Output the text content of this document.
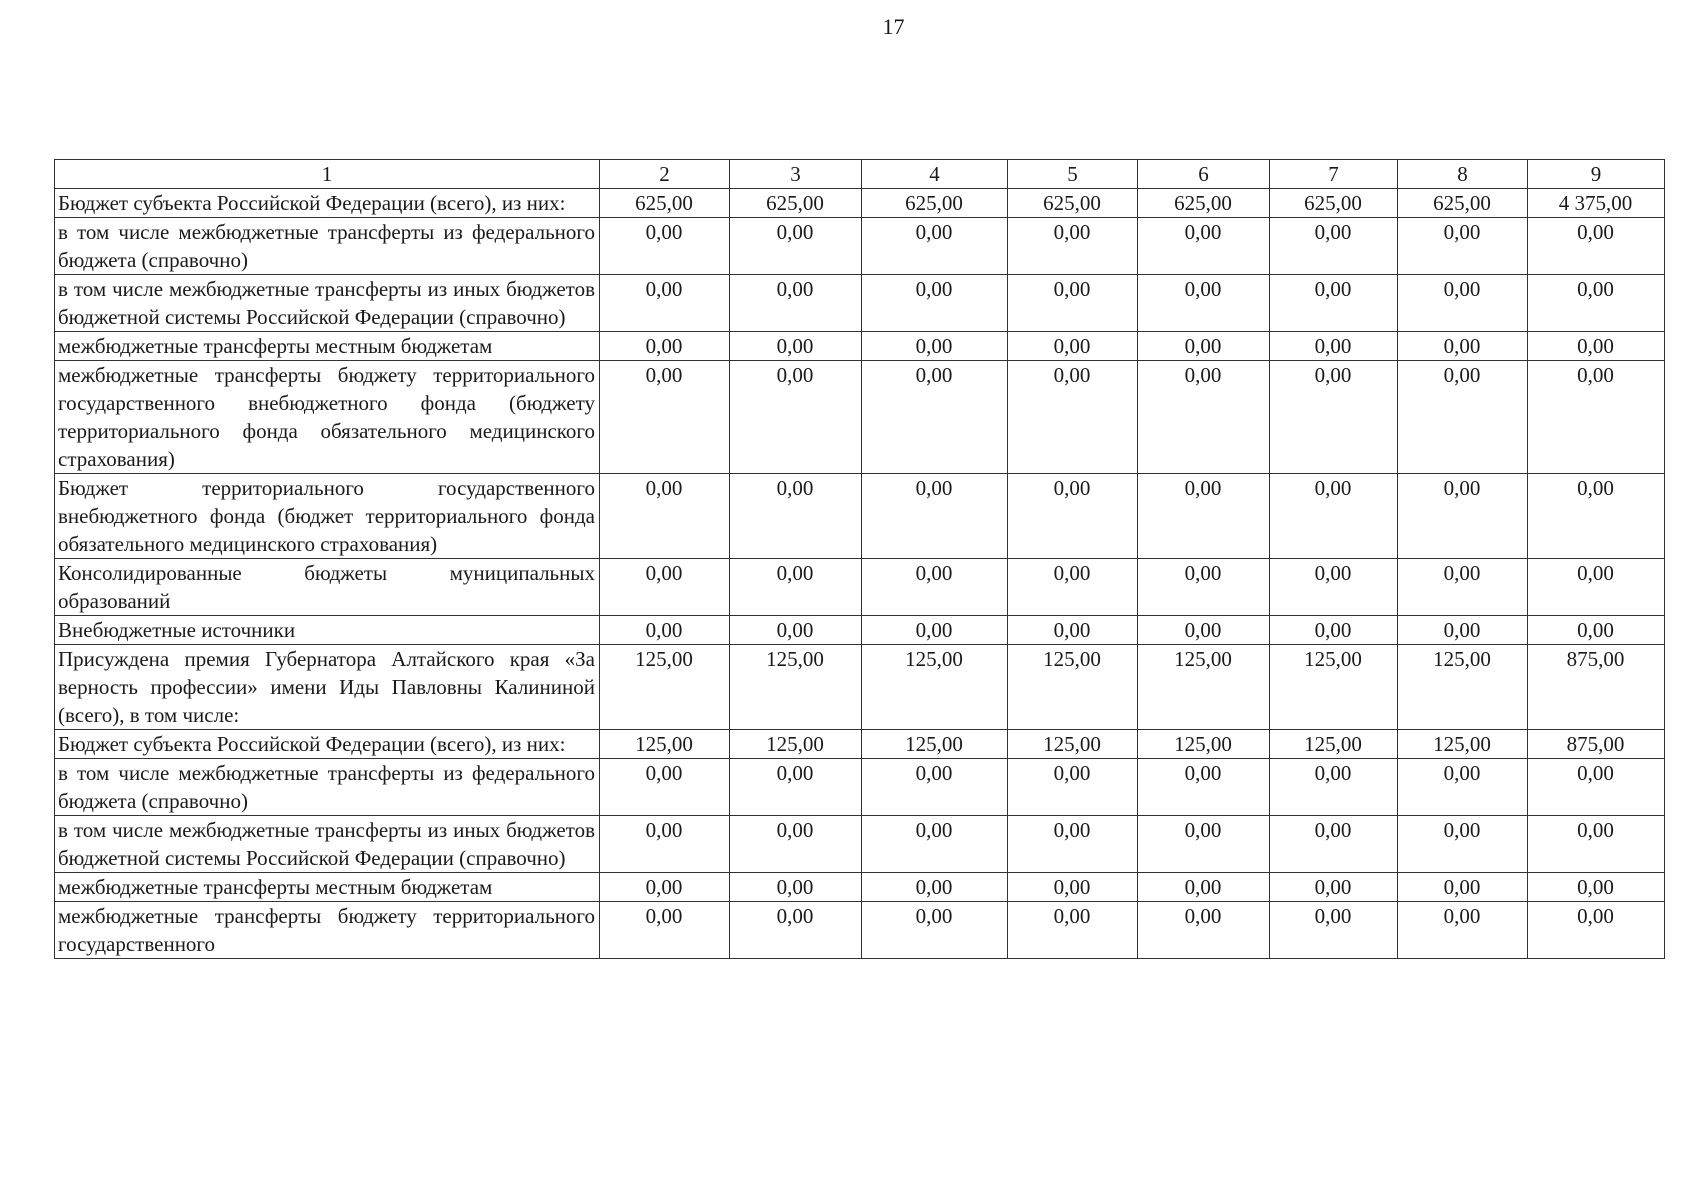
17
1	2	3	4	5	6	7	8	9
Бюджет субъекта Российской Федерации (всего), из них:	625,00	625,00	625,00	625,00	625,00	625,00	625,00	4 375,00
в том числе межбюджетные трансферты из федерального бюджета (справочно)	0,00	0,00	0,00	0,00	0,00	0,00	0,00	0,00
в том числе межбюджетные трансферты из иных бюджетов бюджетной системы Российской Федерации (справочно)	0,00	0,00	0,00	0,00	0,00	0,00	0,00	0,00
межбюджетные трансферты местным бюджетам	0,00	0,00	0,00	0,00	0,00	0,00	0,00	0,00
межбюджетные трансферты бюджету территориального государственного внебюджетного фонда (бюджету территориального фонда обязательного медицинского страхования)	0,00	0,00	0,00	0,00	0,00	0,00	0,00	0,00
Бюджет территориального государственного внебюджетного фонда (бюджет территориального фонда обязательного медицинского страхования)	0,00	0,00	0,00	0,00	0,00	0,00	0,00	0,00
Консолидированные бюджеты муниципальных образований	0,00	0,00	0,00	0,00	0,00	0,00	0,00	0,00
Внебюджетные источники	0,00	0,00	0,00	0,00	0,00	0,00	0,00	0,00
Присуждена премия Губернатора Алтайского края «За верность профессии» имени Иды Павловны Калининой (всего), в том числе:	125,00	125,00	125,00	125,00	125,00	125,00	125,00	875,00
Бюджет субъекта Российской Федерации (всего), из них:	125,00	125,00	125,00	125,00	125,00	125,00	125,00	875,00
в том числе межбюджетные трансферты из федерального бюджета (справочно)	0,00	0,00	0,00	0,00	0,00	0,00	0,00	0,00
в том числе межбюджетные трансферты из иных бюджетов бюджетной системы Российской Федерации (справочно)	0,00	0,00	0,00	0,00	0,00	0,00	0,00	0,00
межбюджетные трансферты местным бюджетам	0,00	0,00	0,00	0,00	0,00	0,00	0,00	0,00
межбюджетные трансферты бюджету территориального государственного	0,00	0,00	0,00	0,00	0,00	0,00	0,00	0,00
